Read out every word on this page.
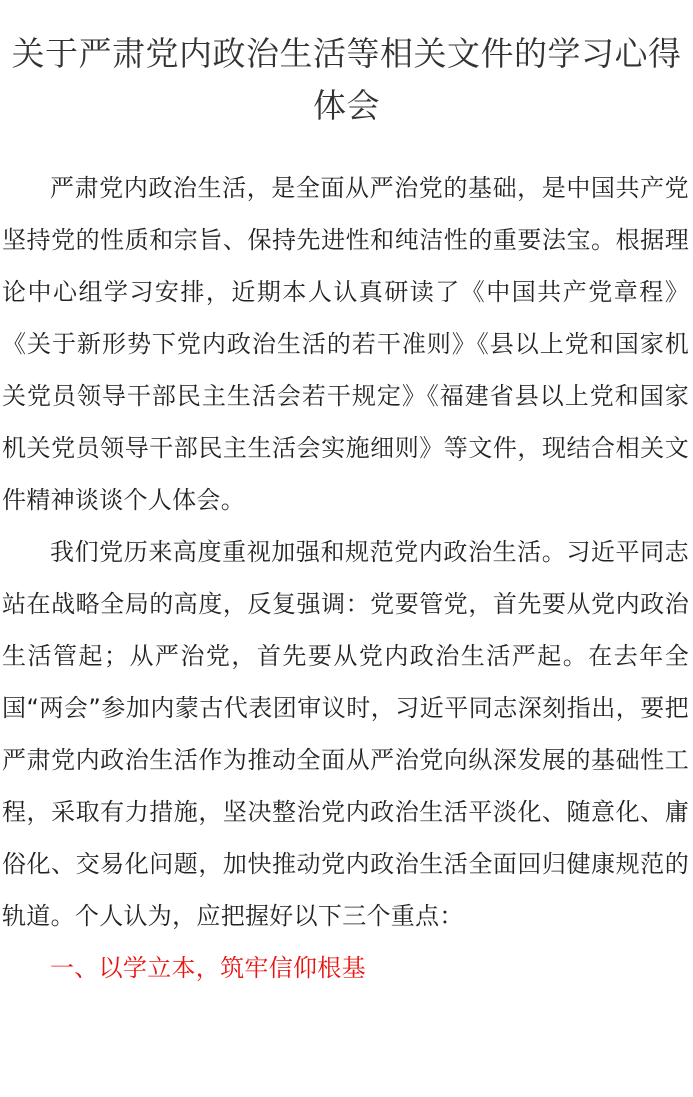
关于严肃党内政治生活等相关文件的学习心得体会

严肃党内政治生活，是全面从严治党的基础，是中国共产党坚持党的性质和宗旨、保持先进性和纯洁性的重要法宝。根据理论中心组学习安排，近期本人认真研读了《中国共产党章程》《关于新形势下党内政治生活的若干准则》《县以上党和国家机关党员领导干部民主生活会若干规定》《福建省县以上党和国家机关党员领导干部民主生活会实施细则》等文件，现结合相关文件精神谈谈个人体会。

我们党历来高度重视加强和规范党内政治生活。习近平同志站在战略全局的高度，反复强调：党要管党，首先要从党内政治生活管起；从严治党，首先要从党内政治生活严起。在去年全国“两会”参加内蒙古代表团审议时，习近平同志深刻指出，要把严肃党内政治生活作为推动全面从严治党向纵深发展的基础性工程，采取有力措施，坚决整治党内政治生活平淡化、随意化、庸俗化、交易化问题，加快推动党内政治生活全面回归健康规范的轨道。个人认为，应把握好以下三个重点：

一、以学立本，筑牢信仰根基
